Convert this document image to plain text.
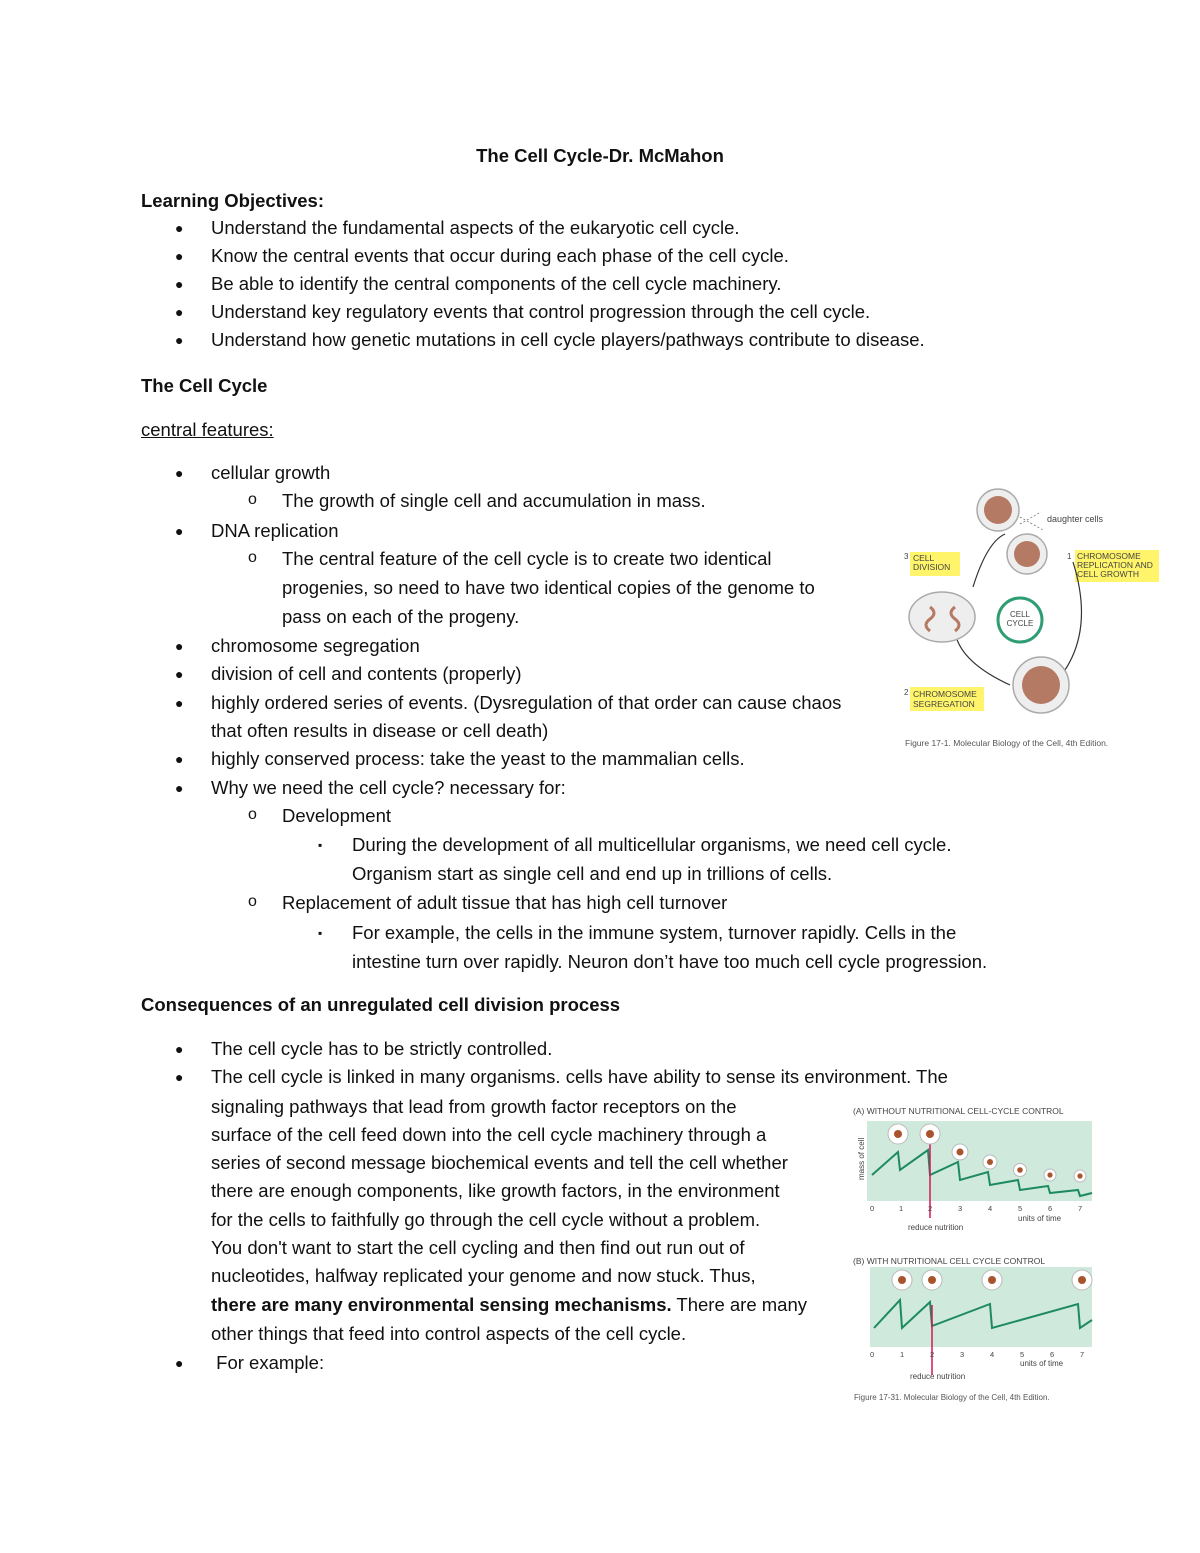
The Cell Cycle-Dr. McMahon
Learning Objectives:
● Understand the fundamental aspects of the eukaryotic cell cycle.
● Know the central events that occur during each phase of the cell cycle.
● Be able to identify the central components of the cell cycle machinery.
● Understand key regulatory events that control progression through the cell cycle.
● Understand how genetic mutations in cell cycle players/pathways contribute to disease.
The Cell Cycle
central features:
● cellular growth
o The growth of single cell and accumulation in mass.
● DNA replication
o The central feature of the cell cycle is to create two identical
progenies, so need to have two identical copies of the genome to
pass on each of the progeny.
● chromosome segregation
● division of cell and contents (properly)
● highly ordered series of events. (Dysregulation of that order can cause chaos
that often results in disease or cell death)
● highly conserved process: take the yeast to the mammalian cells.
● Why we need the cell cycle? necessary for:
o Development
▪ During the development of all multicellular organisms, we need cell cycle.
Organism start as single cell and end up in trillions of cells.
o Replacement of adult tissue that has high cell turnover
▪ For example, the cells in the immune system, turnover rapidly. Cells in the
intestine turn over rapidly. Neuron don’t have too much cell cycle progression.
Consequences of an unregulated cell division process
● The cell cycle has to be strictly controlled.
● The cell cycle is linked in many organisms. cells have ability to sense its environment. The
signaling pathways that lead from growth factor receptors on the
surface of the cell feed down into the cell cycle machinery through a
series of second message biochemical events and tell the cell whether
there are enough components, like growth factors, in the environment
for the cells to faithfully go through the cell cycle without a problem.
You don't want to start the cell cycling and then find out run out of
nucleotides, halfway replicated your genome and now stuck. Thus,
there are many environmental sensing mechanisms. There are many
other things that feed into control aspects of the cell cycle.
● For example:
daughter cells
3 CELL
DIVISION
1 CHROMOSOME
REPLICATION AND
CELL GROWTH
2 CHROMOSOME
SEGREGATION
CELL
CYCLE
Figure 17-1. Molecular Biology of the Cell, 4th Edition.
(A) WITHOUT NUTRITIONAL CELL-CYCLE CONTROL
mass of cell
0	1	2	3	4	5	6	7
units of time
reduce nutrition
(B) WITH NUTRITIONAL CELL CYCLE CONTROL
0	1	2	3	4	5	6	7
units of time
reduce nutrition
Figure 17-31. Molecular Biology of the Cell, 4th Edition.
